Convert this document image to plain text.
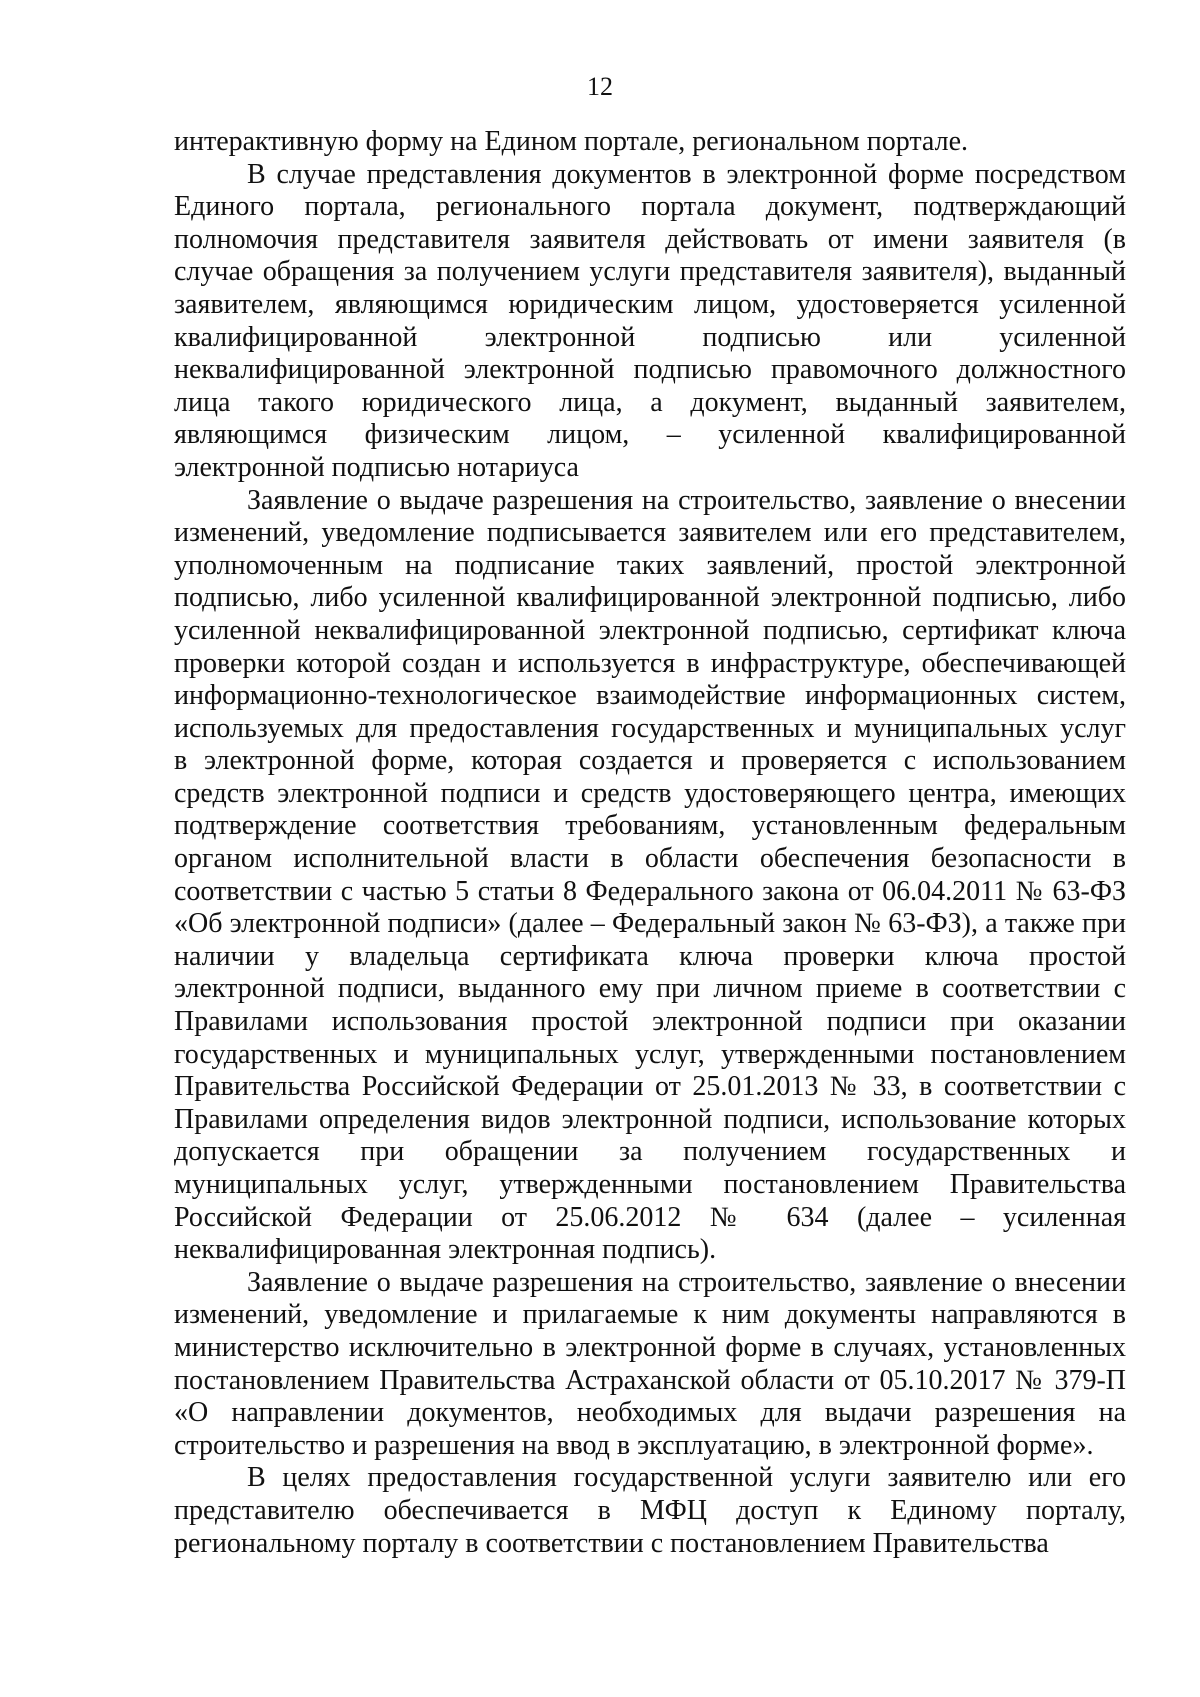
12
интерактивную форму на Едином портале, региональном портале.
В случае представления документов в электронной форме посредством
Единого портала, регионального портала документ, подтверждающий
полномочия представителя заявителя действовать от имени заявителя (в
случае обращения за получением услуги представителя заявителя), выданный
заявителем, являющимся юридическим лицом, удостоверяется усиленной
квалифицированной электронной подписью или усиленной
неквалифицированной электронной подписью правомочного должностного
лица такого юридического лица, а документ, выданный заявителем,
являющимся физическим лицом, – усиленной квалифицированной
электронной подписью нотариуса
Заявление о выдаче разрешения на строительство, заявление о внесении
изменений, уведомление подписывается заявителем или его представителем,
уполномоченным на подписание таких заявлений, простой электронной
подписью, либо усиленной квалифицированной электронной подписью, либо
усиленной неквалифицированной электронной подписью, сертификат ключа
проверки которой создан и используется в инфраструктуре, обеспечивающей
информационно-технологическое взаимодействие информационных систем,
используемых для предоставления государственных и муниципальных услуг
в электронной форме, которая создается и проверяется с использованием
средств электронной подписи и средств удостоверяющего центра, имеющих
подтверждение соответствия требованиям, установленным федеральным
органом исполнительной власти в области обеспечения безопасности в
соответствии с частью 5 статьи 8 Федерального закона от 06.04.2011 № 63-ФЗ
«Об электронной подписи» (далее – Федеральный закон № 63-ФЗ), а также при
наличии у владельца сертификата ключа проверки ключа простой
электронной подписи, выданного ему при личном приеме в соответствии с
Правилами использования простой электронной подписи при оказании
государственных и муниципальных услуг, утвержденными постановлением
Правительства Российской Федерации от 25.01.2013 № 33, в соответствии с
Правилами определения видов электронной подписи, использование которых
допускается при обращении за получением государственных и
муниципальных услуг, утвержденными постановлением Правительства
Российской Федерации от 25.06.2012 № 634 (далее – усиленная
неквалифицированная электронная подпись).
Заявление о выдаче разрешения на строительство, заявление о внесении
изменений, уведомление и прилагаемые к ним документы направляются в
министерство исключительно в электронной форме в случаях, установленных
постановлением Правительства Астраханской области от 05.10.2017 № 379-П
«О направлении документов, необходимых для выдачи разрешения на
строительство и разрешения на ввод в эксплуатацию, в электронной форме».
В целях предоставления государственной услуги заявителю или его
представителю обеспечивается в МФЦ доступ к Единому порталу,
региональному порталу в соответствии с постановлением Правительства
